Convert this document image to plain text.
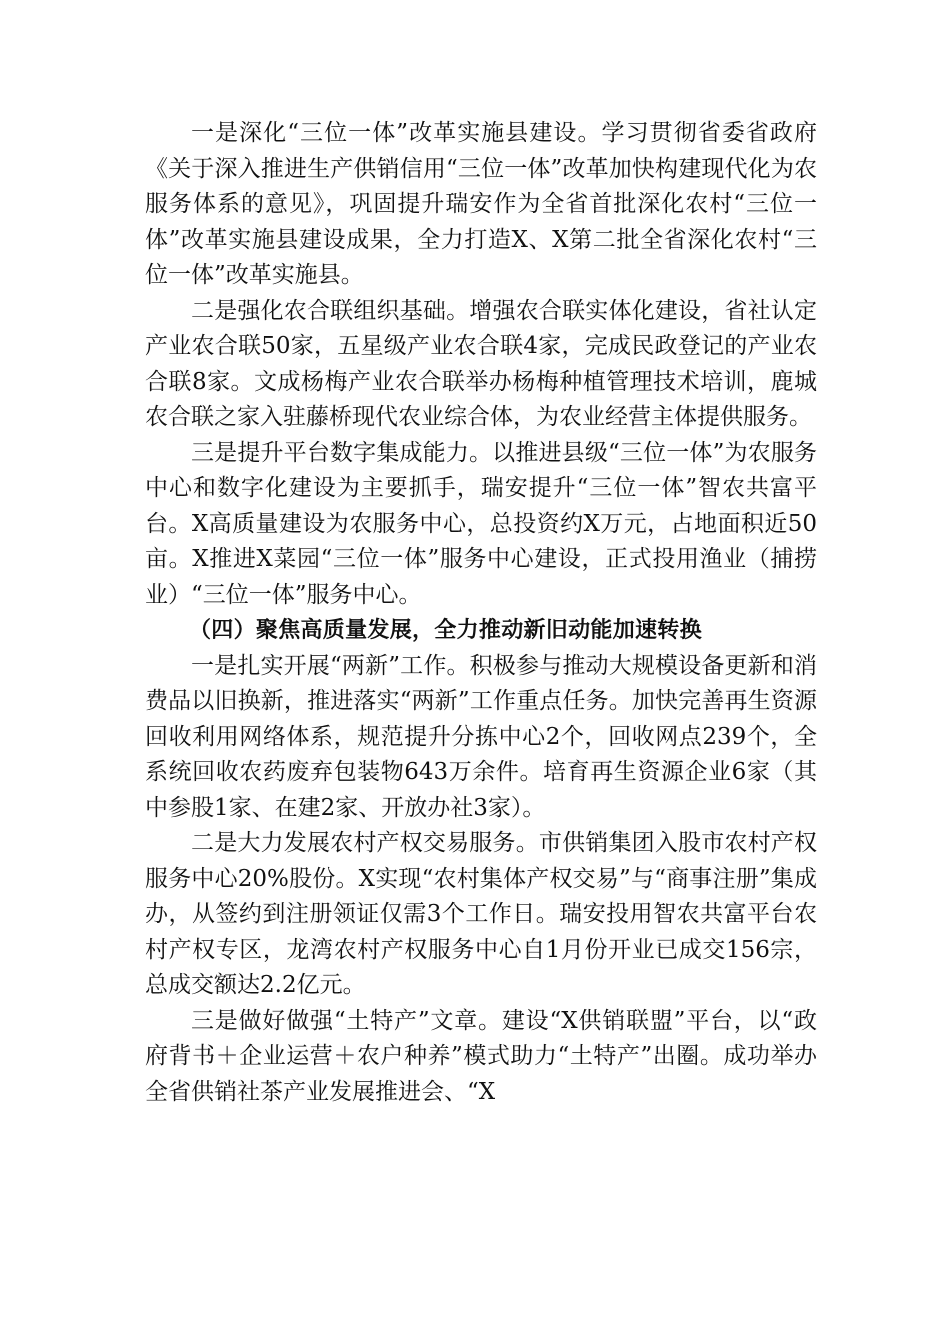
一是深化“三位一体”改革实施县建设。学习贯彻省委省政府《关于深入推进生产供销信用“三位一体”改革加快构建现代化为农服务体系的意见》，巩固提升瑞安作为全省首批深化农村“三位一体”改革实施县建设成果，全力打造X、X第二批全省深化农村“三位一体”改革实施县。

二是强化农合联组织基础。增强农合联实体化建设，省社认定产业农合联50家，五星级产业农合联4家，完成民政登记的产业农合联8家。文成杨梅产业农合联举办杨梅种植管理技术培训，鹿城农合联之家入驻藤桥现代农业综合体，为农业经营主体提供服务。

三是提升平台数字集成能力。以推进县级“三位一体”为农服务中心和数字化建设为主要抓手，瑞安提升“三位一体”智农共富平台。X高质量建设为农服务中心，总投资约X万元，占地面积近50亩。X推进X菜园“三位一体”服务中心建设，正式投用渔业（捕捞业）“三位一体”服务中心。

（四）聚焦高质量发展，全力推动新旧动能加速转换

一是扎实开展“两新”工作。积极参与推动大规模设备更新和消费品以旧换新，推进落实“两新”工作重点任务。加快完善再生资源回收利用网络体系，规范提升分拣中心2个，回收网点239个，全系统回收农药废弃包装物643万余件。培育再生资源企业6家（其中参股1家、在建2家、开放办社3家）。

二是大力发展农村产权交易服务。市供销集团入股市农村产权服务中心20%股份。X实现“农村集体产权交易”与“商事注册”集成办，从签约到注册领证仅需3个工作日。瑞安投用智农共富平台农村产权专区，龙湾农村产权服务中心自1月份开业已成交156宗，总成交额达2.2亿元。

三是做好做强“土特产”文章。建设“X供销联盟”平台，以“政府背书＋企业运营＋农户种养”模式助力“土特产”出圈。成功举办全省供销社茶产业发展推进会、“X
